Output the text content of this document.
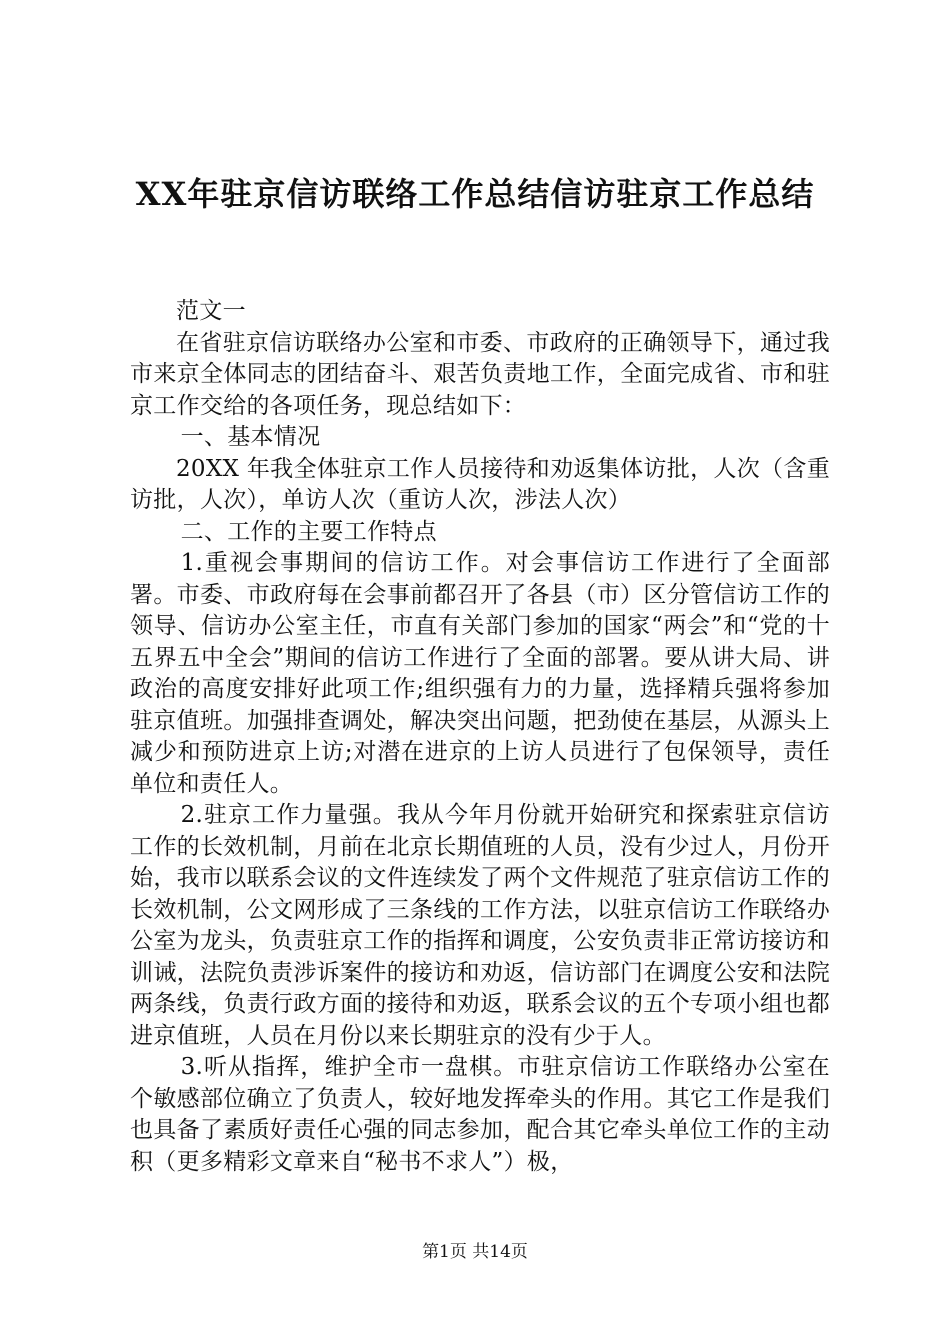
XX年驻京信访联络工作总结信访驻京工作总结

范文一

在省驻京信访联络办公室和市委、市政府的正确领导下，通过我市来京全体同志的团结奋斗、艰苦负责地工作，全面完成省、市和驻京工作交给的各项任务，现总结如下：

一、基本情况

20XX 年我全体驻京工作人员接待和劝返集体访批，人次（含重访批，人次），单访人次（重访人次，涉法人次）

二、工作的主要工作特点

1.重视会事期间的信访工作。对会事信访工作进行了全面部署。市委、市政府每在会事前都召开了各县（市）区分管信访工作的领导、信访办公室主任，市直有关部门参加的国家“两会”和“党的十五界五中全会”期间的信访工作进行了全面的部署。要从讲大局、讲政治的高度安排好此项工作;组织强有力的力量，选择精兵强将参加驻京值班。加强排查调处，解决突出问题，把劲使在基层，从源头上减少和预防进京上访;对潜在进京的上访人员进行了包保领导，责任单位和责任人。

2.驻京工作力量强。我从今年月份就开始研究和探索驻京信访工作的长效机制，月前在北京长期值班的人员，没有少过人，月份开始，我市以联系会议的文件连续发了两个文件规范了驻京信访工作的长效机制，公文网形成了三条线的工作方法，以驻京信访工作联络办公室为龙头，负责驻京工作的指挥和调度，公安负责非正常访接访和训诫，法院负责涉诉案件的接访和劝返，信访部门在调度公安和法院两条线，负责行政方面的接待和劝返，联系会议的五个专项小组也都进京值班，人员在月份以来长期驻京的没有少于人。

3.听从指挥，维护全市一盘棋。市驻京信访工作联络办公室在个敏感部位确立了负责人，较好地发挥牵头的作用。其它工作是我们也具备了素质好责任心强的同志参加，配合其它牵头单位工作的主动积（更多精彩文章来自“秘书不求人”）极，

第1页 共14页
